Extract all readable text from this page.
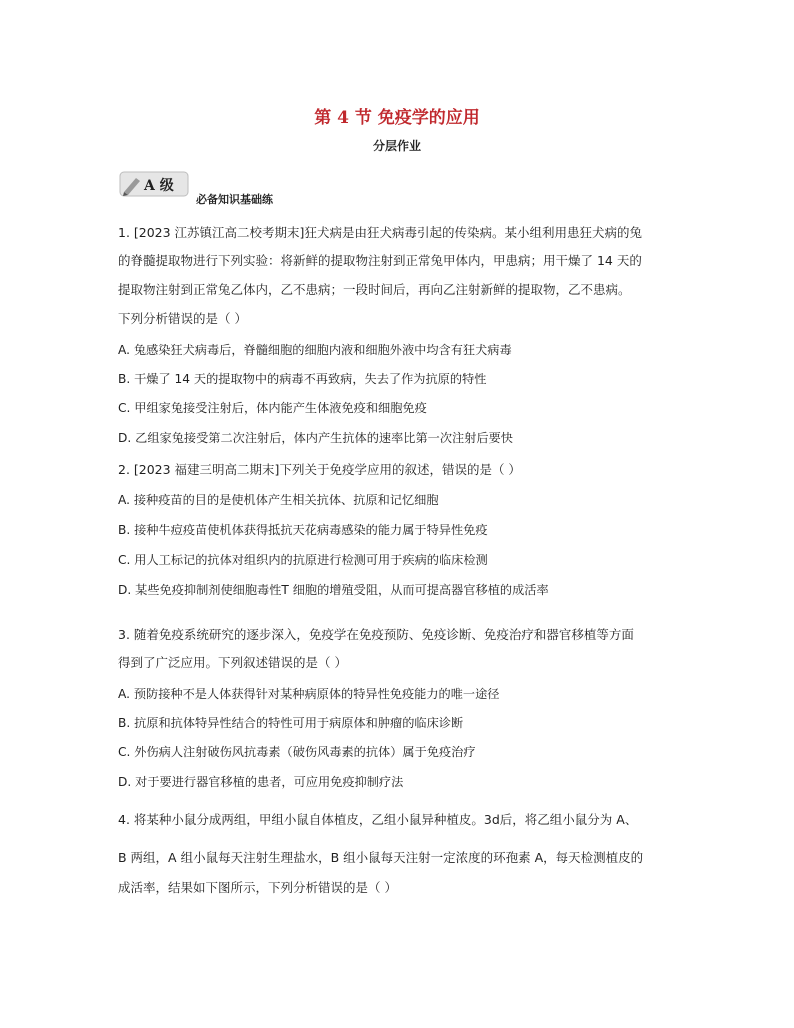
第 4 节 免疫学的应用
分层作业
A 级
必备知识基础练
1. [2023 江苏镇江高二校考期末]狂犬病是由狂犬病毒引起的传染病。某小组利用患狂犬病的兔
的脊髓提取物进行下列实验：将新鲜的提取物注射到正常兔甲体内，甲患病；用干燥了 14 天的
提取物注射到正常兔乙体内，乙不患病；一段时间后，再向乙注射新鲜的提取物，乙不患病。
下列分析错误的是（ ）
A. 兔感染狂犬病毒后，脊髓细胞的细胞内液和细胞外液中均含有狂犬病毒
B. 干燥了 14 天的提取物中的病毒不再致病，失去了作为抗原的特性
C. 甲组家兔接受注射后，体内能产生体液免疫和细胞免疫
D. 乙组家兔接受第二次注射后，体内产生抗体的速率比第一次注射后要快
2. [2023 福建三明高二期末]下列关于免疫学应用的叙述，错误的是（ ）
A. 接种疫苗的目的是使机体产生相关抗体、抗原和记忆细胞
B. 接种牛痘疫苗使机体获得抵抗天花病毒感染的能力属于特异性免疫
C. 用人工标记的抗体对组织内的抗原进行检测可用于疾病的临床检测
D. 某些免疫抑制剂使细胞毒性T 细胞的增殖受阻，从而可提高器官移植的成活率
3. 随着免疫系统研究的逐步深入，免疫学在免疫预防、免疫诊断、免疫治疗和器官移植等方面
得到了广泛应用。下列叙述错误的是（ ）
A. 预防接种不是人体获得针对某种病原体的特异性免疫能力的唯一途径
B. 抗原和抗体特异性结合的特性可用于病原体和肿瘤的临床诊断
C. 外伤病人注射破伤风抗毒素（破伤风毒素的抗体）属于免疫治疗
D. 对于要进行器官移植的患者，可应用免疫抑制疗法
4. 将某种小鼠分成两组，甲组小鼠自体植皮，乙组小鼠异种植皮。3d后，将乙组小鼠分为 A、
B 两组，A 组小鼠每天注射生理盐水，B 组小鼠每天注射一定浓度的环孢素 A，每天检测植皮的
成活率，结果如下图所示，下列分析错误的是（ ）
